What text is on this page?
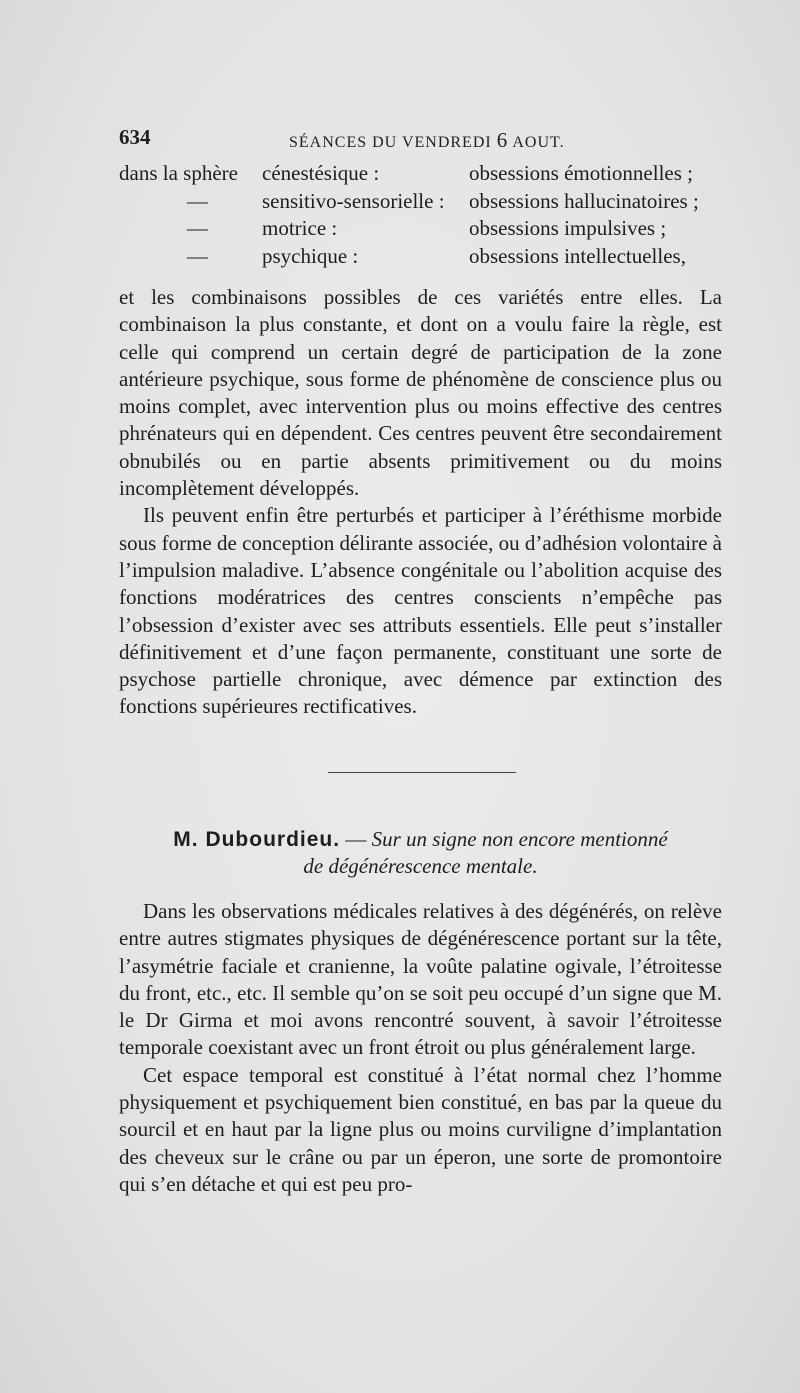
634	SÉANCES DU VENDREDI 6 AOUT.
dans la sphère cénestésique :	obsessions émotionnelles ;
—	sensitivo-sensorielle : obsessions hallucinatoires ;
—	motrice :	obsessions impulsives ;
—	psychique :	obsessions intellectuelles,

et les combinaisons possibles de ces variétés entre elles. La combinaison la plus constante, et dont on a voulu faire la règle, est celle qui comprend un certain degré de participation de la zone antérieure psychique, sous forme de phénomène de conscience plus ou moins complet, avec intervention plus ou moins effective des centres phrénateurs qui en dépendent. Ces centres peuvent être secondairement obnubilés ou en partie absents primitivement ou du moins incomplètement développés.

Ils peuvent enfin être perturbés et participer à l’éréthisme morbide sous forme de conception délirante associée, ou d’adhésion volontaire à l’impulsion maladive. L’absence congénitale ou l’abolition acquise des fonctions modératrices des centres conscients n’empêche pas l’obsession d’exister avec ses attributs essentiels. Elle peut s’installer définitivement et d’une façon permanente, constituant une sorte de psychose partielle chronique, avec démence par extinction des fonctions supérieures rectificatives.

M. Dubourdieu. — Sur un signe non encore mentionné
de dégénérescence mentale.

Dans les observations médicales relatives à des dégénérés, on relève entre autres stigmates physiques de dégénérescence portant sur la tête, l’asymétrie faciale et cranienne, la voûte palatine ogivale, l’étroitesse du front, etc., etc. Il semble qu’on se soit peu occupé d’un signe que M. le Dr Girma et moi avons rencontré souvent, à savoir l’étroitesse temporale coexistant avec un front étroit ou plus généralement large.

Cet espace temporal est constitué à l’état normal chez l’homme physiquement et psychiquement bien constitué, en bas par la queue du sourcil et en haut par la ligne plus ou moins curviligne d’implantation des cheveux sur le crâne ou par un éperon, une sorte de promontoire qui s’en détache et qui est peu pro-
